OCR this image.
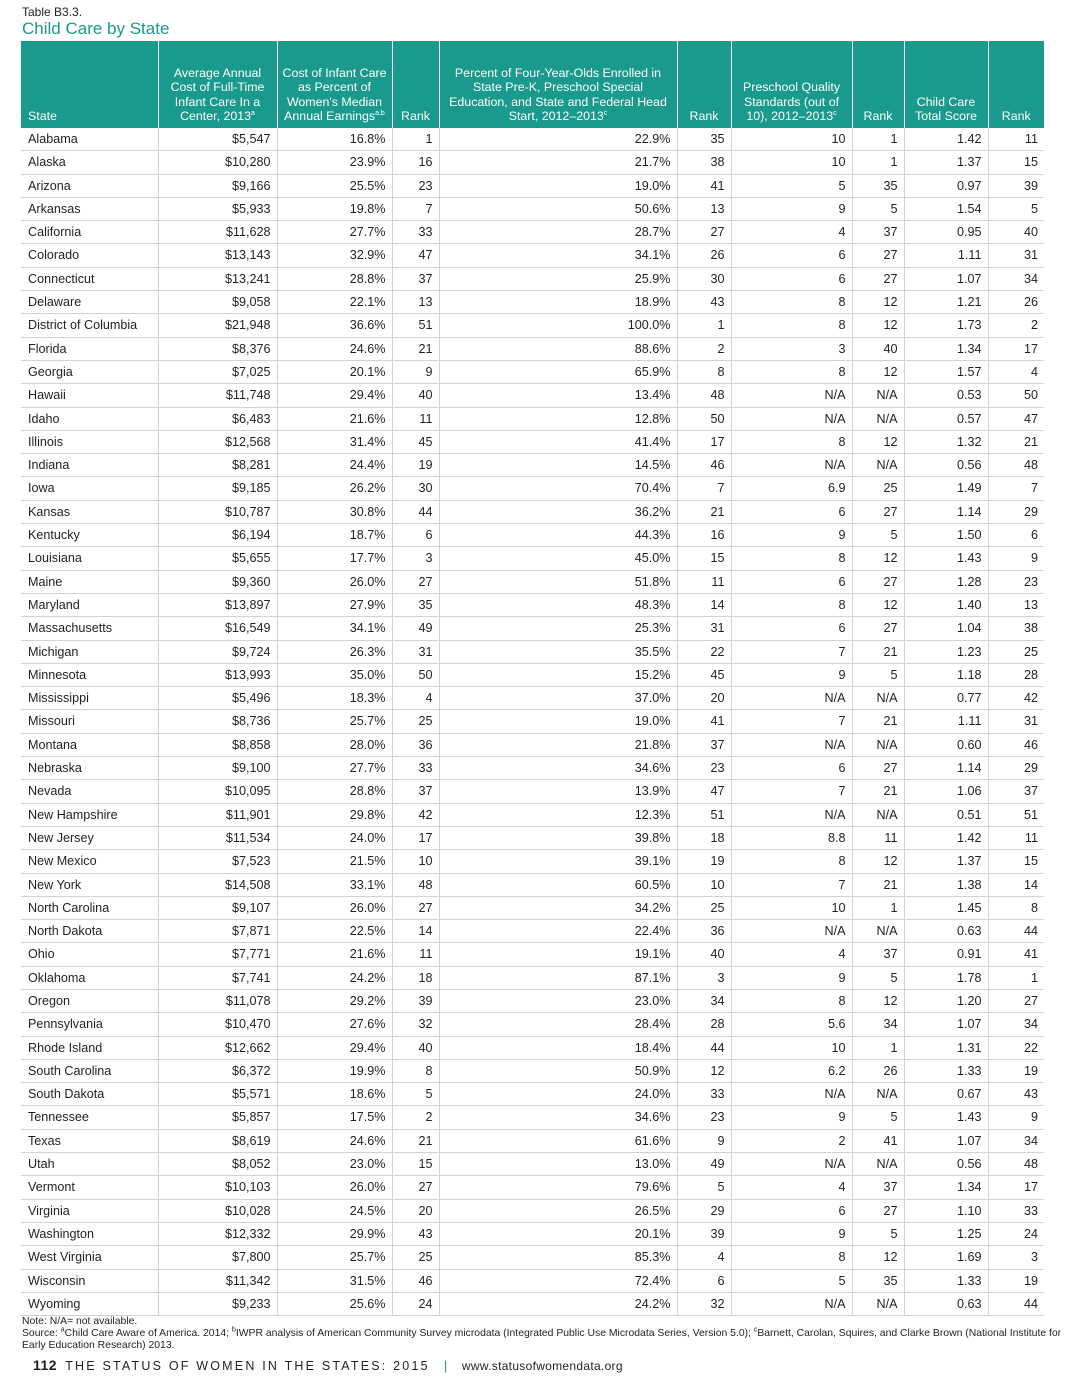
Table B3.3.
Child Care by State
State	Average Annual Cost of Full-Time Infant Care In a Center, 2013$^a$	Cost of Infant Care as Percent of Women's Median Annual Earnings$^{a,b}$	Rank	Percent of Four-Year-Olds Enrolled in State Pre-K, Preschool Special Education, and State and Federal Head Start, 2012–2013$^c$	Rank	Preschool Quality Standards (out of 10), 2012–2013$^c$	Rank	Child Care Total Score	Rank
Alabama	$5,547	16.8%	1	22.9%	35	10	1	1.42	11
Alaska	$10,280	23.9%	16	21.7%	38	10	1	1.37	15
Arizona	$9,166	25.5%	23	19.0%	41	5	35	0.97	39
Arkansas	$5,933	19.8%	7	50.6%	13	9	5	1.54	5
California	$11,628	27.7%	33	28.7%	27	4	37	0.95	40
Colorado	$13,143	32.9%	47	34.1%	26	6	27	1.11	31
Connecticut	$13,241	28.8%	37	25.9%	30	6	27	1.07	34
Delaware	$9,058	22.1%	13	18.9%	43	8	12	1.21	26
District of Columbia	$21,948	36.6%	51	100.0%	1	8	12	1.73	2
Florida	$8,376	24.6%	21	88.6%	2	3	40	1.34	17
Georgia	$7,025	20.1%	9	65.9%	8	8	12	1.57	4
Hawaii	$11,748	29.4%	40	13.4%	48	N/A	N/A	0.53	50
Idaho	$6,483	21.6%	11	12.8%	50	N/A	N/A	0.57	47
Illinois	$12,568	31.4%	45	41.4%	17	8	12	1.32	21
Indiana	$8,281	24.4%	19	14.5%	46	N/A	N/A	0.56	48
Iowa	$9,185	26.2%	30	70.4%	7	6.9	25	1.49	7
Kansas	$10,787	30.8%	44	36.2%	21	6	27	1.14	29
Kentucky	$6,194	18.7%	6	44.3%	16	9	5	1.50	6
Louisiana	$5,655	17.7%	3	45.0%	15	8	12	1.43	9
Maine	$9,360	26.0%	27	51.8%	11	6	27	1.28	23
Maryland	$13,897	27.9%	35	48.3%	14	8	12	1.40	13
Massachusetts	$16,549	34.1%	49	25.3%	31	6	27	1.04	38
Michigan	$9,724	26.3%	31	35.5%	22	7	21	1.23	25
Minnesota	$13,993	35.0%	50	15.2%	45	9	5	1.18	28
Mississippi	$5,496	18.3%	4	37.0%	20	N/A	N/A	0.77	42
Missouri	$8,736	25.7%	25	19.0%	41	7	21	1.11	31
Montana	$8,858	28.0%	36	21.8%	37	N/A	N/A	0.60	46
Nebraska	$9,100	27.7%	33	34.6%	23	6	27	1.14	29
Nevada	$10,095	28.8%	37	13.9%	47	7	21	1.06	37
New Hampshire	$11,901	29.8%	42	12.3%	51	N/A	N/A	0.51	51
New Jersey	$11,534	24.0%	17	39.8%	18	8.8	11	1.42	11
New Mexico	$7,523	21.5%	10	39.1%	19	8	12	1.37	15
New York	$14,508	33.1%	48	60.5%	10	7	21	1.38	14
North Carolina	$9,107	26.0%	27	34.2%	25	10	1	1.45	8
North Dakota	$7,871	22.5%	14	22.4%	36	N/A	N/A	0.63	44
Ohio	$7,771	21.6%	11	19.1%	40	4	37	0.91	41
Oklahoma	$7,741	24.2%	18	87.1%	3	9	5	1.78	1
Oregon	$11,078	29.2%	39	23.0%	34	8	12	1.20	27
Pennsylvania	$10,470	27.6%	32	28.4%	28	5.6	34	1.07	34
Rhode Island	$12,662	29.4%	40	18.4%	44	10	1	1.31	22
South Carolina	$6,372	19.9%	8	50.9%	12	6.2	26	1.33	19
South Dakota	$5,571	18.6%	5	24.0%	33	N/A	N/A	0.67	43
Tennessee	$5,857	17.5%	2	34.6%	23	9	5	1.43	9
Texas	$8,619	24.6%	21	61.6%	9	2	41	1.07	34
Utah	$8,052	23.0%	15	13.0%	49	N/A	N/A	0.56	48
Vermont	$10,103	26.0%	27	79.6%	5	4	37	1.34	17
Virginia	$10,028	24.5%	20	26.5%	29	6	27	1.10	33
Washington	$12,332	29.9%	43	20.1%	39	9	5	1.25	24
West Virginia	$7,800	25.7%	25	85.3%	4	8	12	1.69	3
Wisconsin	$11,342	31.5%	46	72.4%	6	5	35	1.33	19
Wyoming	$9,233	25.6%	24	24.2%	32	N/A	N/A	0.63	44
Note: N/A= not available.
Source: $^a$Child Care Aware of America. 2014; $^b$IWPR analysis of American Community Survey microdata (Integrated Public Use Microdata Series, Version 5.0); $^c$Barnett, Carolan, Squires, and Clarke Brown (National Institute for Early Education Research) 2013.
112 THE STATUS OF WOMEN IN THE STATES: 2015 | www.statusofwomendata.org
